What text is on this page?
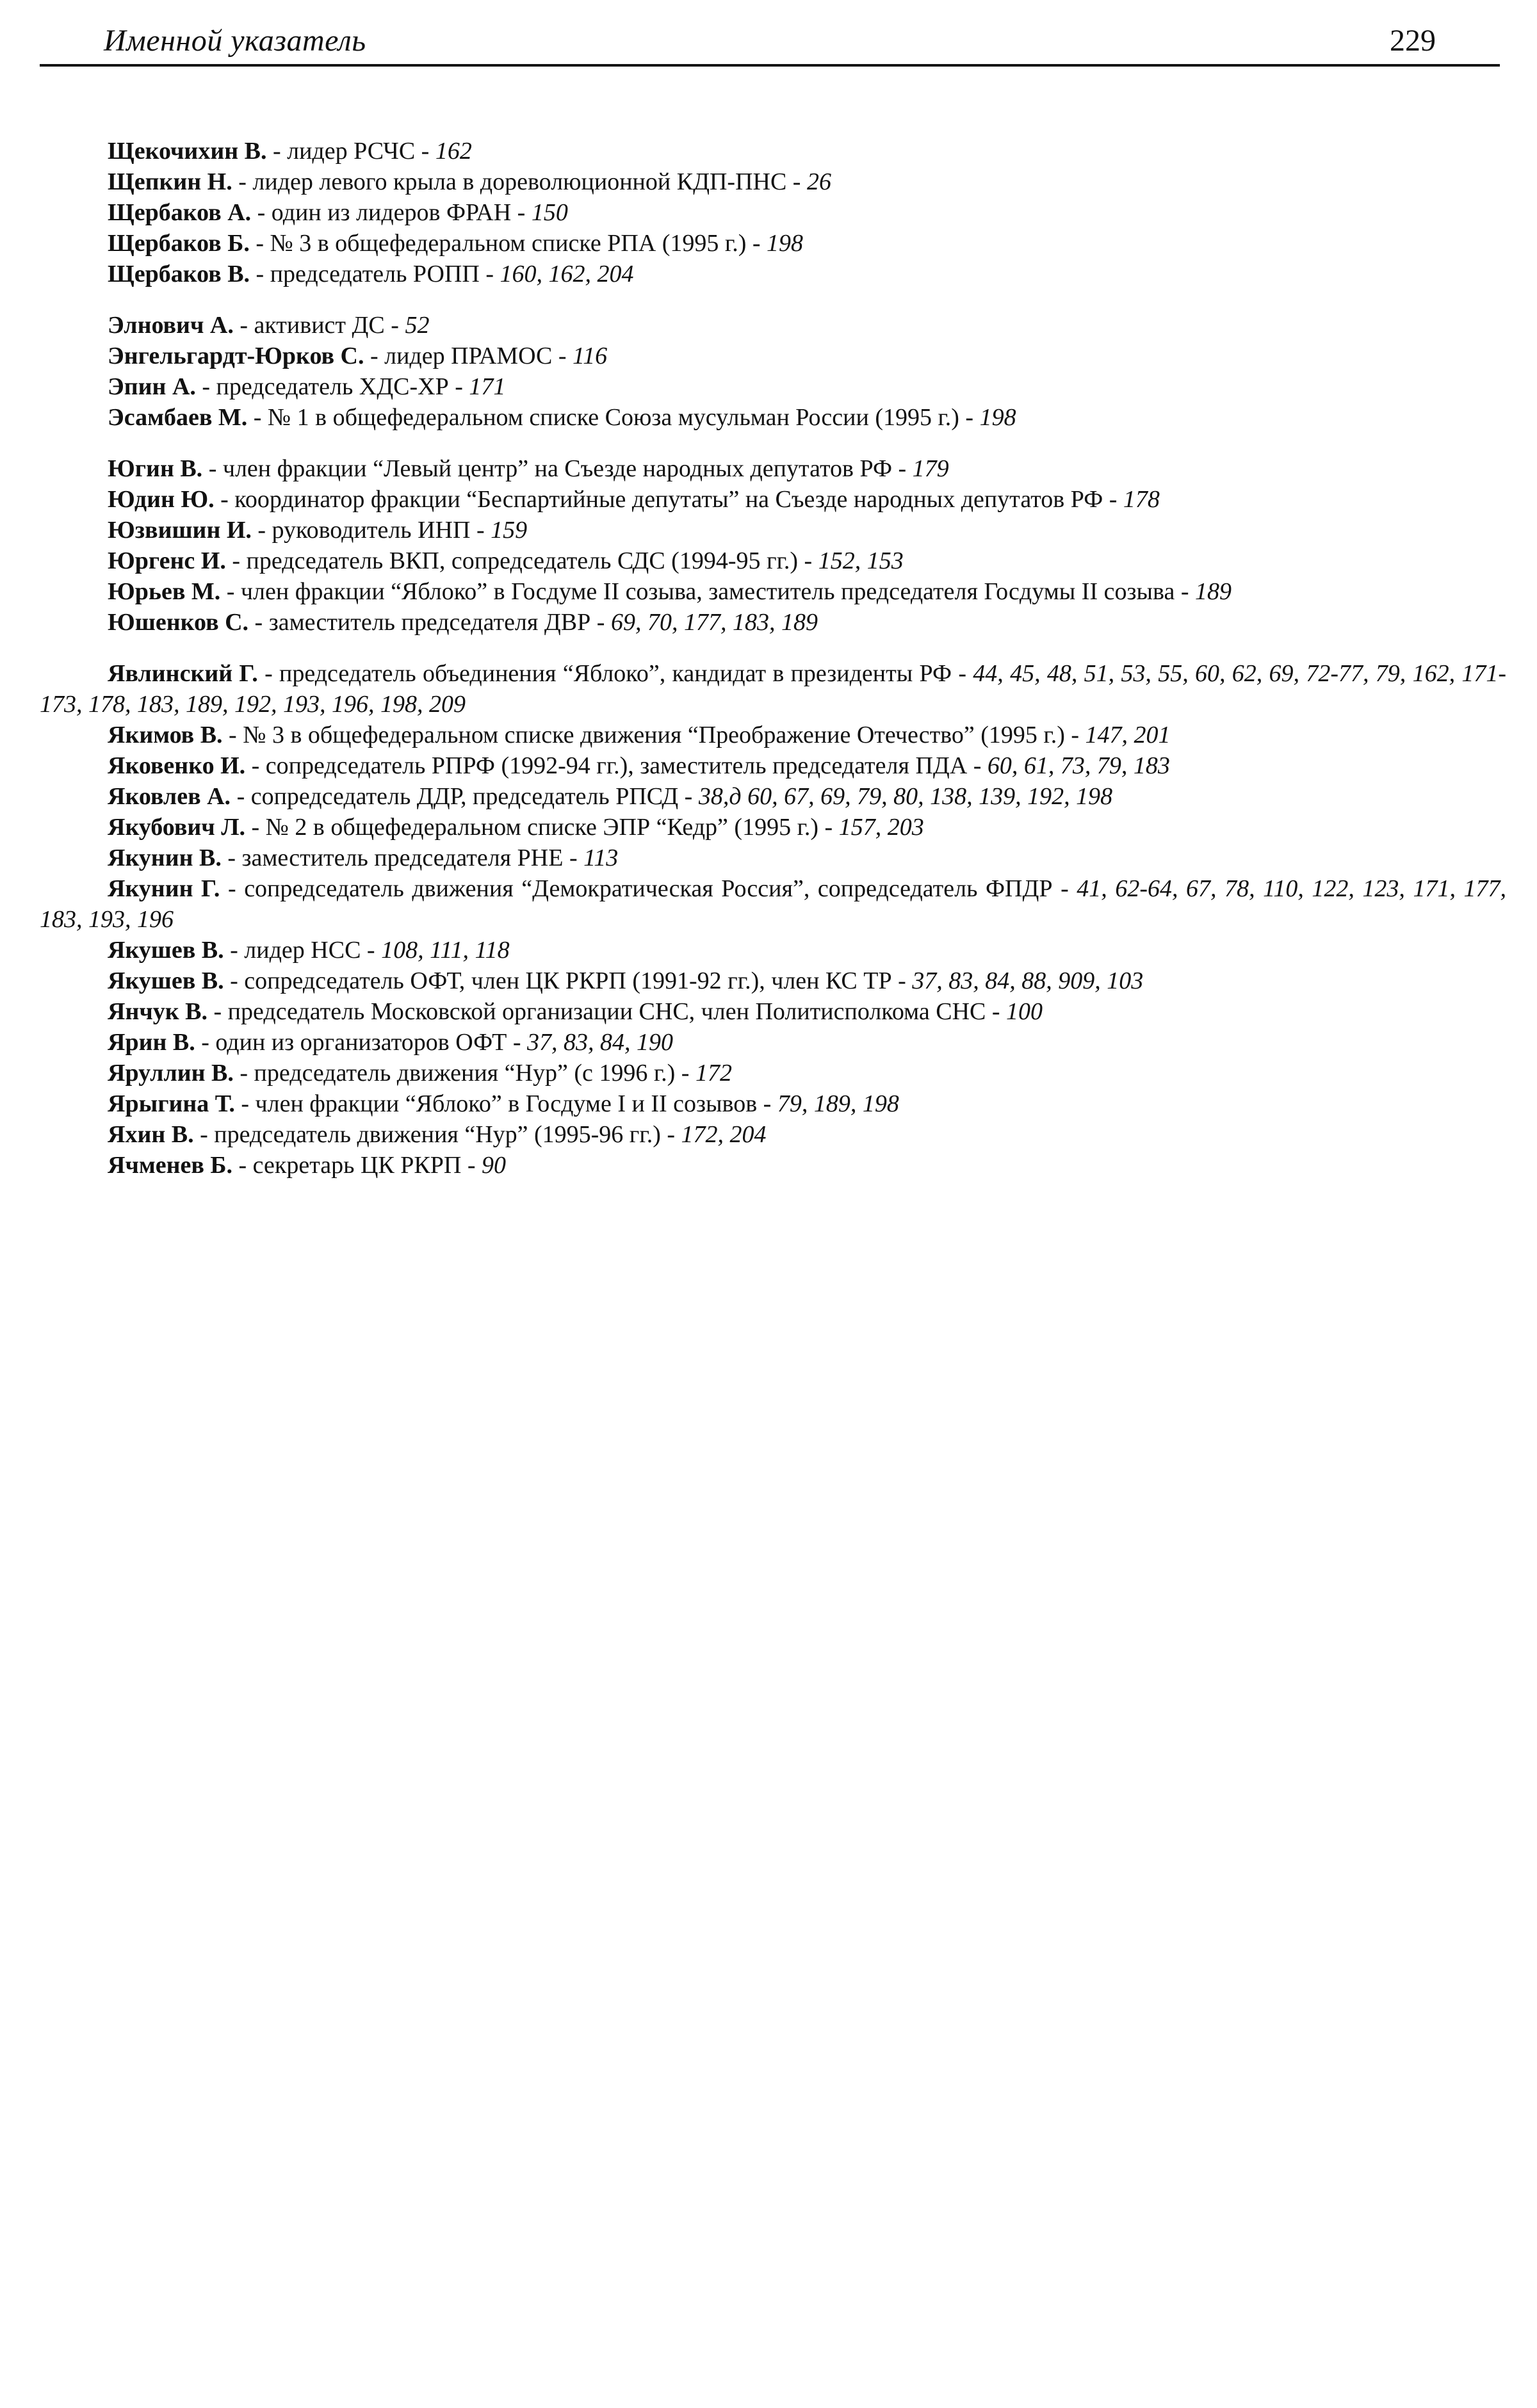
Именной указатель	229
Щекочихин В. - лидер РСЧС - 162
Щепкин Н. - лидер левого крыла в дореволюционной КДП-ПНС - 26
Щербаков А. - один из лидеров ФРАН - 150
Щербаков Б. - № 3 в общефедеральном списке РПА (1995 г.) - 198
Щербаков В. - председатель РОПП - 160, 162, 204
Элнович А. - активист ДС - 52
Энгельгардт-Юрков С. - лидер ПРАМОС - 116
Эпин А. - председатель ХДС-ХР - 171
Эсамбаев М. - № 1 в общефедеральном списке Союза мусульман России (1995 г.) - 198
Югин В. - член фракции “Левый центр” на Съезде народных депутатов РФ - 179
Юдин Ю. - координатор фракции “Беспартийные депутаты” на Съезде народных депутатов РФ - 178
Юзвишин И. - руководитель ИНП - 159
Юргенс И. - председатель ВКП, сопредседатель СДС (1994-95 гг.) - 152, 153
Юрьев М. - член фракции “Яблоко” в Госдуме II созыва, заместитель председателя Госдумы II созыва - 189
Юшенков С. - заместитель председателя ДВР - 69, 70, 177, 183, 189
Явлинский Г. - председатель объединения “Яблоко”, кандидат в президенты РФ - 44, 45, 48, 51, 53, 55, 60, 62, 69, 72-77, 79, 162, 171-173, 178, 183, 189, 192, 193, 196, 198, 209
Якимов В. - № 3 в общефедеральном списке движения “Преображение Отечество” (1995 г.) - 147, 201
Яковенко И. - сопредседатель РПРФ (1992-94 гг.), заместитель председателя ПДА - 60, 61, 73, 79, 183
Яковлев А. - сопредседатель ДДР, председатель РПСД - 38,д 60, 67, 69, 79, 80, 138, 139, 192, 198
Якубович Л. - № 2 в общефедеральном списке ЭПР “Кедр” (1995 г.) - 157, 203
Якунин В. - заместитель председателя РНЕ - 113
Якунин Г. - сопредседатель движения “Демократическая Россия”, сопредседатель ФПДР - 41, 62-64, 67, 78, 110, 122, 123, 171, 177, 183, 193, 196
Якушев В. - лидер НСС - 108, 111, 118
Якушев В. - сопредседатель ОФТ, член ЦК РКРП (1991-92 гг.), член КС ТР - 37, 83, 84, 88, 909, 103
Янчук В. - председатель Московской организации СНС, член Политисполкома СНС - 100
Ярин В. - один из организаторов ОФТ - 37, 83, 84, 190
Яруллин В. - председатель движения “Нур” (с 1996 г.) - 172
Ярыгина Т. - член фракции “Яблоко” в Госдуме I и II созывов - 79, 189, 198
Яхин В. - председатель движения “Нур” (1995-96 гг.) - 172, 204
Ячменев Б. - секретарь ЦК РКРП - 90
